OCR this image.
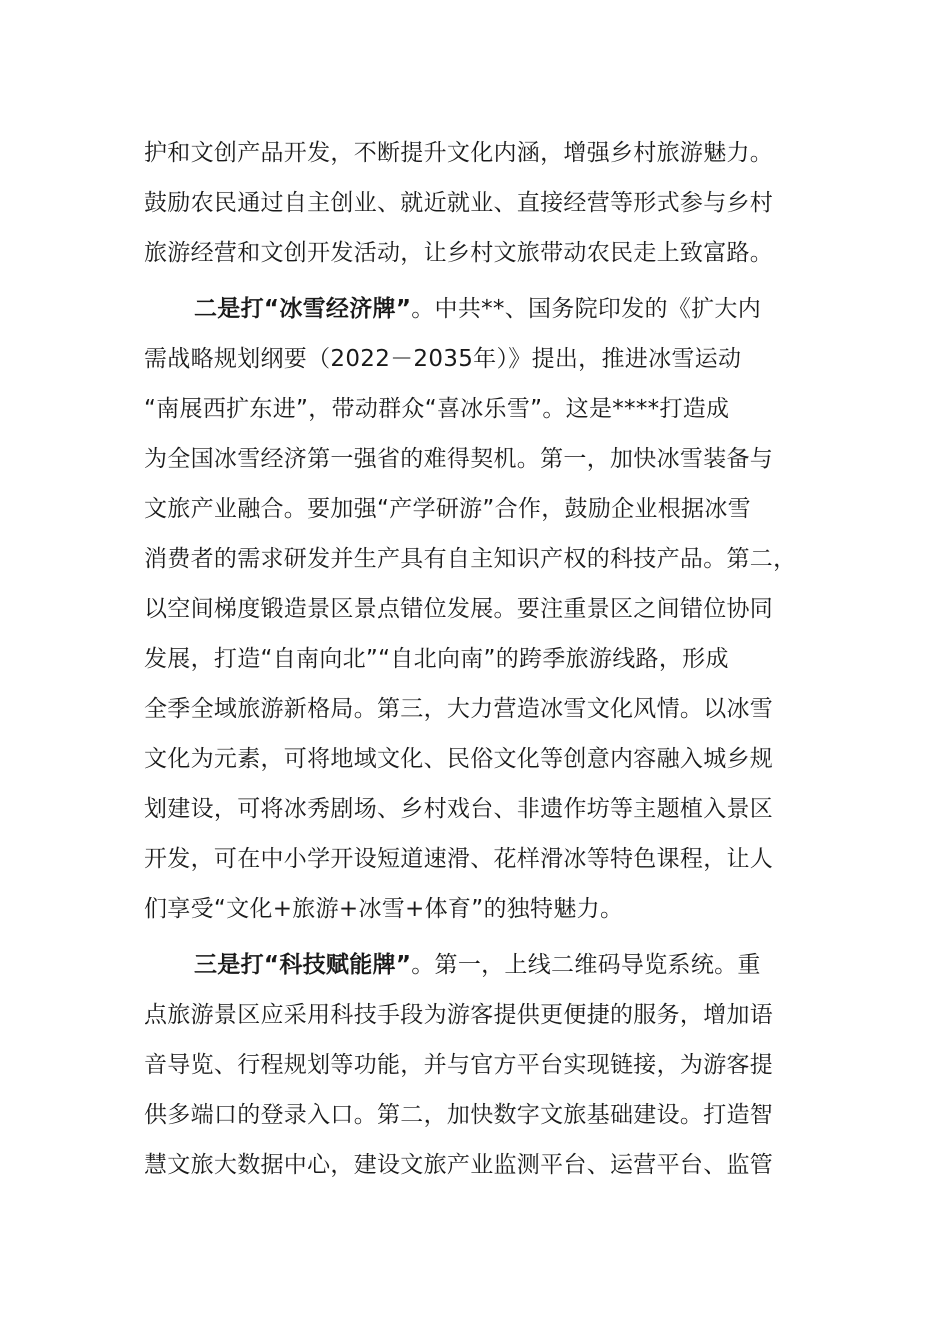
护和文创产品开发，不断提升文化内涵，增强乡村旅游魅力。
鼓励农民通过自主创业、就近就业、直接经营等形式参与乡村
旅游经营和文创开发活动，让乡村文旅带动农民走上致富路。
二是打“冰雪经济牌”。中共**、国务院印发的《扩大内
需战略规划纲要（2022－2035年）》提出，推进冰雪运动
“南展西扩东进”，带动群众“喜冰乐雪”。这是****打造成
为全国冰雪经济第一强省的难得契机。第一，加快冰雪装备与
文旅产业融合。要加强“产学研游”合作，鼓励企业根据冰雪
消费者的需求研发并生产具有自主知识产权的科技产品。第二，
以空间梯度锻造景区景点错位发展。要注重景区之间错位协同
发展，打造“自南向北”“自北向南”的跨季旅游线路，形成
全季全域旅游新格局。第三，大力营造冰雪文化风情。以冰雪
文化为元素，可将地域文化、民俗文化等创意内容融入城乡规
划建设，可将冰秀剧场、乡村戏台、非遗作坊等主题植入景区
开发，可在中小学开设短道速滑、花样滑冰等特色课程，让人
们享受“文化+旅游+冰雪+体育”的独特魅力。
三是打“科技赋能牌”。第一，上线二维码导览系统。重
点旅游景区应采用科技手段为游客提供更便捷的服务，增加语
音导览、行程规划等功能，并与官方平台实现链接，为游客提
供多端口的登录入口。第二，加快数字文旅基础建设。打造智
慧文旅大数据中心，建设文旅产业监测平台、运营平台、监管
